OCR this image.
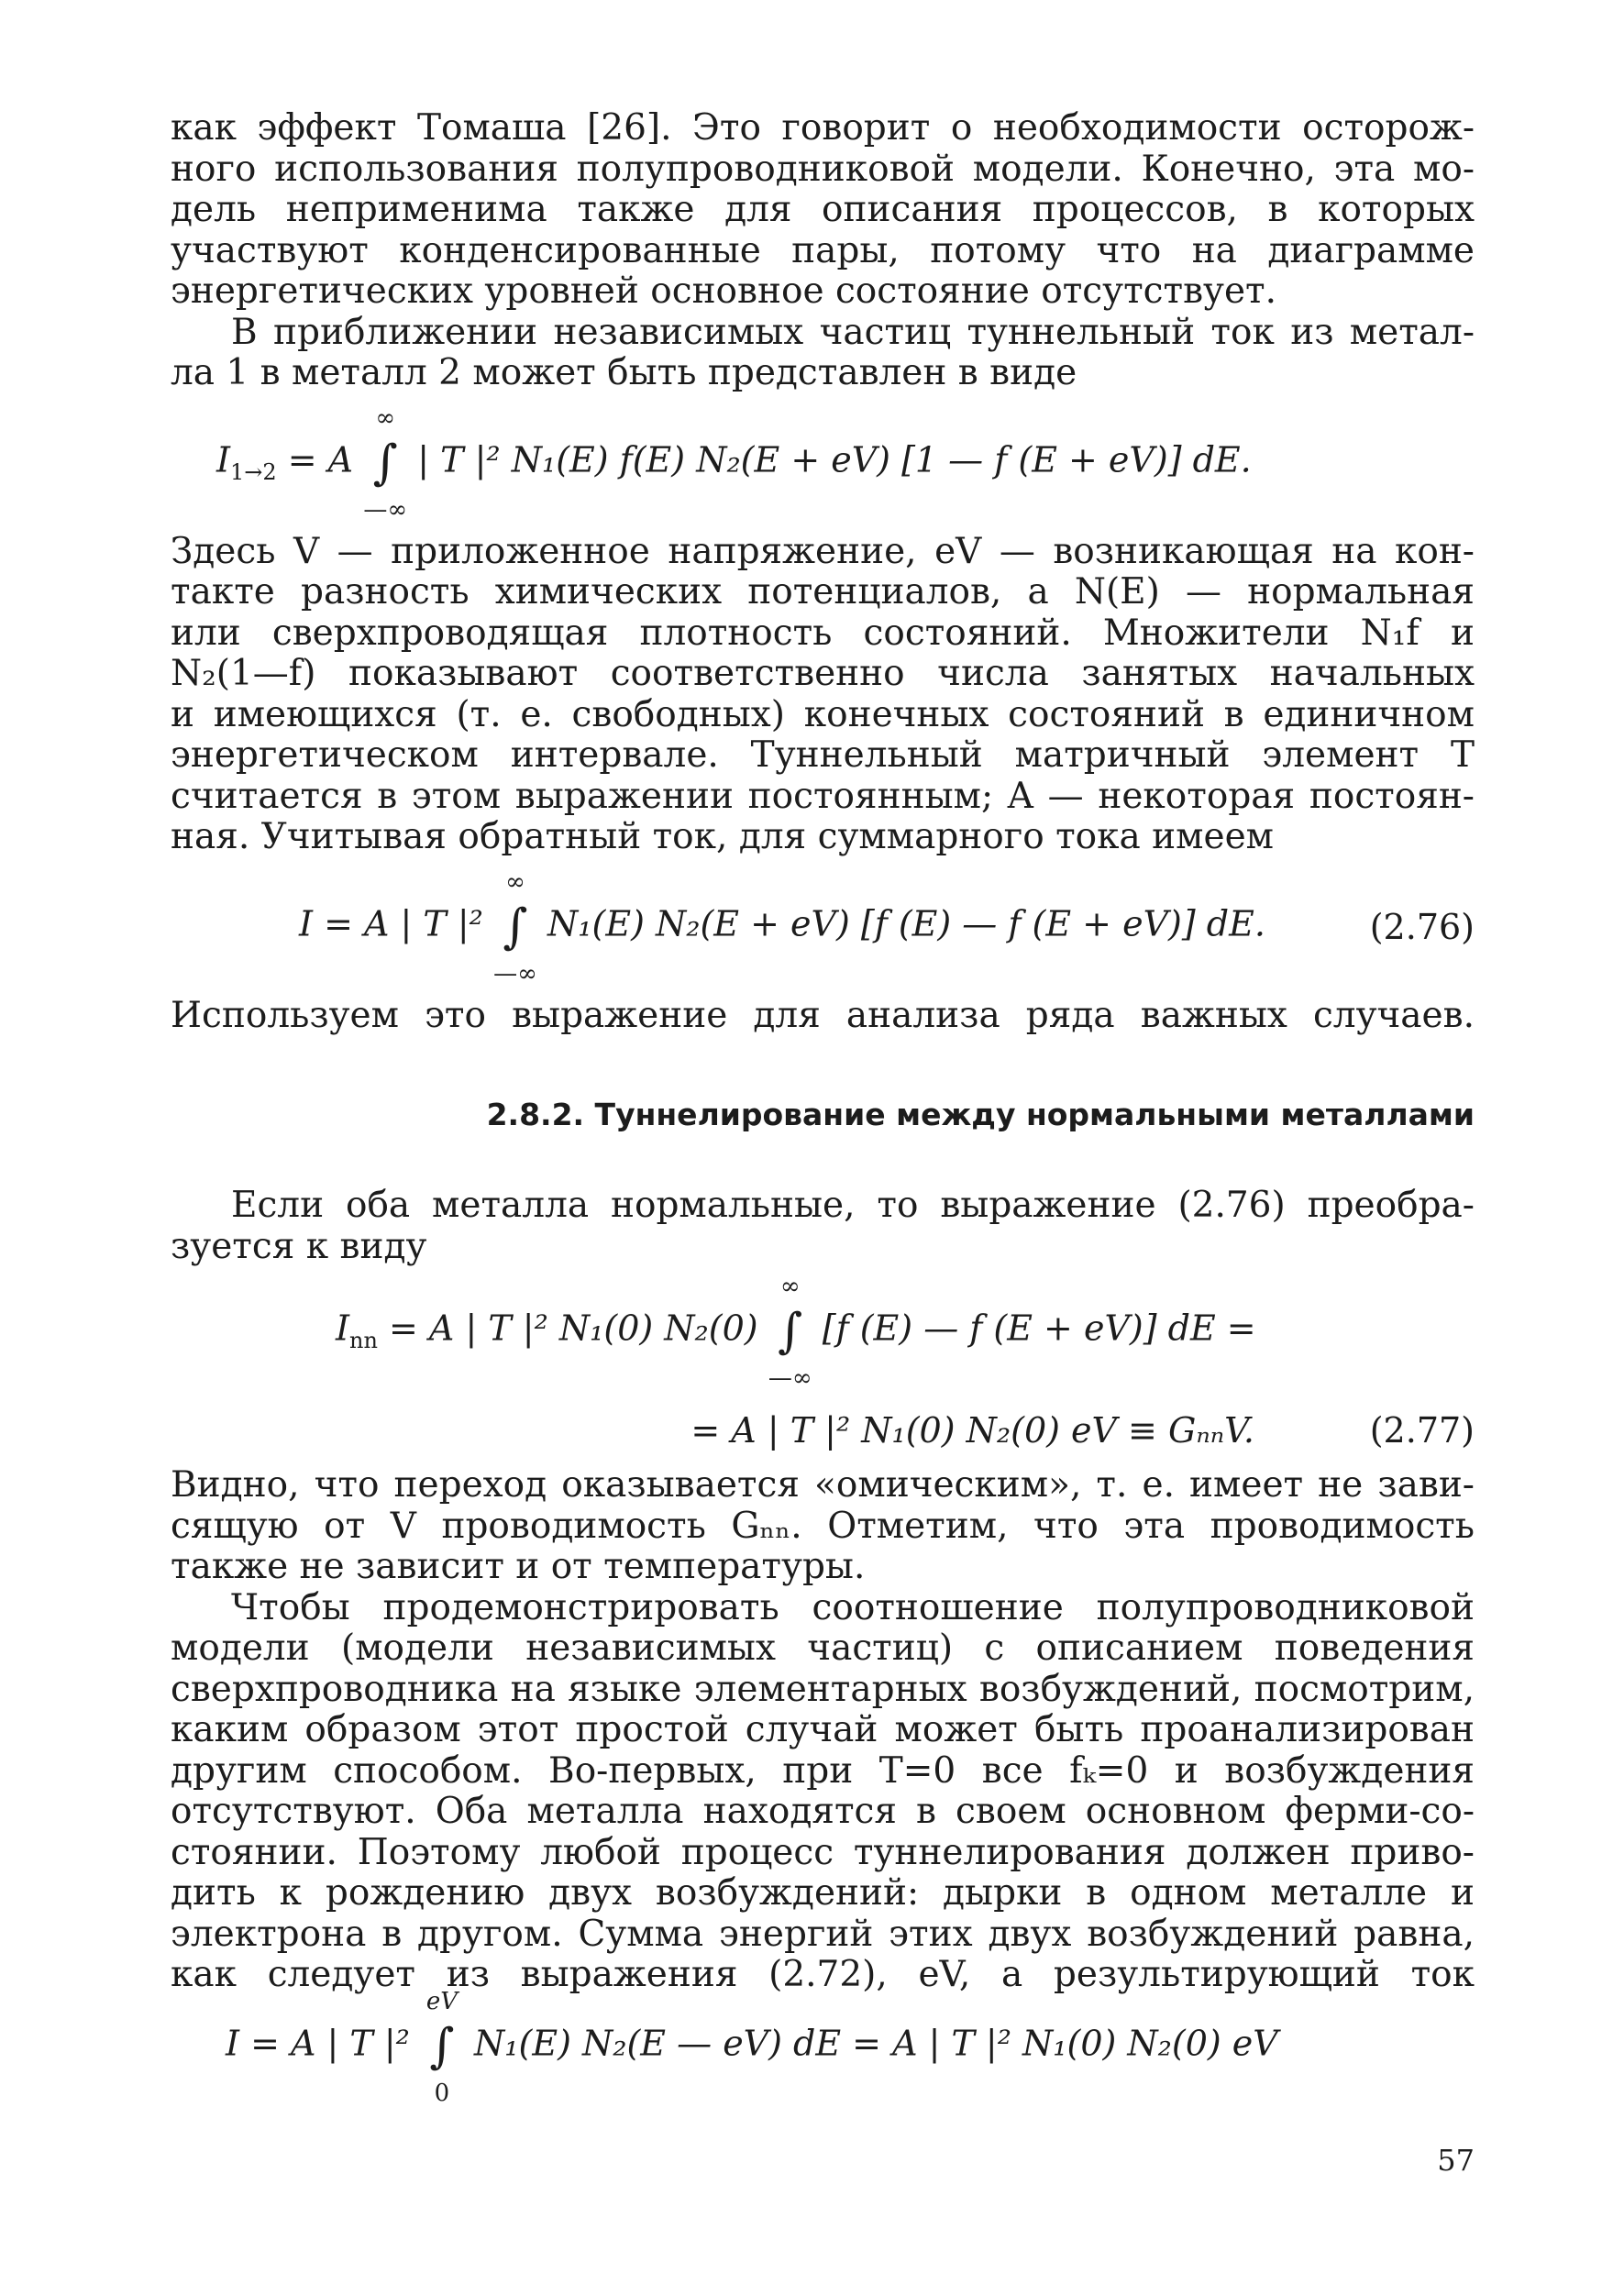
как эффект Томаша [26]. Это говорит о необходимости осторож-
ного использования полупроводниковой модели. Конечно, эта мо-
дель неприменима также для описания процессов, в которых
участвуют конденсированные пары, потому что на диаграмме
энергетических уровней основное состояние отсутствует.

В приближении независимых частиц туннельный ток из метал-
ла 1 в металл 2 может быть представлен в виде

$I_{1\to 2} = A$ ∫
∞
—∞
| T |² N₁(E) f(E) N₂(E + eV) [1 — f (E + eV)] dE.

Здесь V — приложенное напряжение, eV — возникающая на кон-
такте разность химических потенциалов, а N(E) — нормальная
или сверхпроводящая плотность состояний. Множители N₁f и
N₂(1—f) показывают соответственно числа занятых начальных
и имеющихся (т. е. свободных) конечных состояний в единичном
энергетическом интервале. Туннельный матричный элемент T
считается в этом выражении постоянным; A — некоторая постоян-
ная. Учитывая обратный ток, для суммарного тока имеем

I = A | T |² ∫
∞
—∞
N₁(E) N₂(E + eV) [f (E) — f (E + eV)] dE.	(2.76)

Используем это выражение для анализа ряда важных случаев.

2.8.2. Туннелирование между нормальными металлами

Если оба металла нормальные, то выражение (2.76) преобра-
зуется к виду

$I_{nn} = A$ | T |² N₁(0) N₂(0) ∫
∞
—∞
[f (E) — f (E + eV)] dE =
= A | T |² N₁(0) N₂(0) eV ≡ GₙₙV.	(2.77)

Видно, что переход оказывается «омическим», т. е. имеет не зави-
сящую от V проводимость Gₙₙ. Отметим, что эта проводимость
также не зависит и от температуры.

Чтобы продемонстрировать соотношение полупроводниковой
модели (модели независимых частиц) с описанием поведения
сверхпроводника на языке элементарных возбуждений, посмотрим,
каким образом этот простой случай может быть проанализирован
другим способом. Во-первых, при T=0 все fₖ=0 и возбуждения
отсутствуют. Оба металла находятся в своем основном ферми-со-
стоянии. Поэтому любой процесс туннелирования должен приво-
дить к рождению двух возбуждений: дырки в одном металле и
электрона в другом. Сумма энергий этих двух возбуждений равна,
как следует из выражения (2.72), eV, а результирующий ток

I = A | T |² ∫
eV
0
N₁(E) N₂(E — eV) dE = A | T |² N₁(0) N₂(0) eV
57
